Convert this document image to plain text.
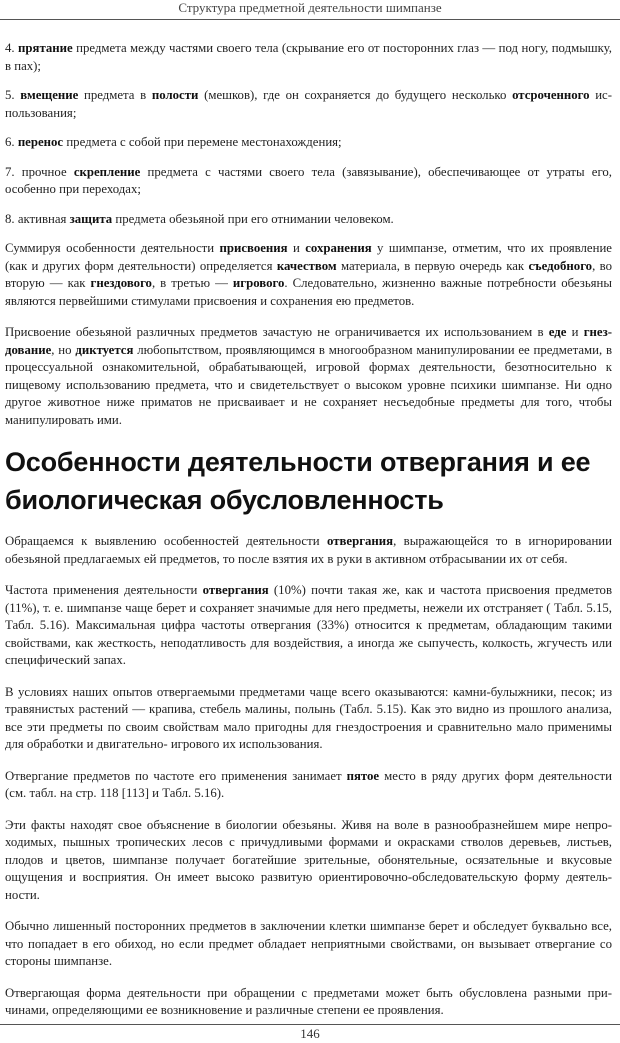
Структура предметной деятельности шимпанзе

4. прятание предмета между частями своего тела (скрывание его от посторонних глаз — под ногу, подмышку, в пах);

5. вмещение предмета в полости (мешков), где он сохраняется до будущего несколько отсроченного использования;

6. перенос предмета с собой при перемене местонахождения;

7. прочное скрепление предмета с частями своего тела (завязывание), обеспечивающее от утраты его, особенно при переходах;

8. активная защита предмета обезьяной при его отнимании человеком.

Суммируя особенности деятельности присвоения и сохранения у шимпанзе, отметим, что их проявление (как и других форм деятельности) определяется качеством материала, в первую очередь как съедобного, во вторую — как гнездового, в третью — игрового. Следовательно, жизненно важные потребности обезьяны являются первейшими стимулами присвоения и сохранения ею предметов.

Присвоение обезьяной различных предметов зачастую не ограничивается их использованием в еде и гнездование, но диктуется любопытством, проявляющимся в многообразном манипулировании ее предметами, в процессуальной ознакомительной, обрабатывающей, игровой формах деятельности, безотносительно к пищевому использованию предмета, что и свидетельствует о высоком уровне психики шимпанзе. Ни одно другое животное ниже приматов не присваивает и не сохраняет несъедобные предметы для того, чтобы манипулировать ими.

Особенности деятельности отвергания и ее биологическая обусловленность

Обращаемся к выявлению особенностей деятельности отвергания, выражающейся то в игнорировании обезьяной предлагаемых ей предметов, то после взятия их в руки в активном отбрасывании их от себя.

Частота применения деятельности отвергания (10%) почти такая же, как и частота присвоения предметов (11%), т. е. шимпанзе чаще берет и сохраняет значимые для него предметы, нежели их отстраняет ( Табл. 5.15, Табл. 5.16). Максимальная цифра частоты отвергания (33%) относится к предметам, обладающим такими свойствами, как жесткость, неподатливость для воздействия, а иногда же сыпучесть, колкость, жгучесть или специфический запах.

В условиях наших опытов отвергаемыми предметами чаще всего оказываются: камни-булыжники, песок; из травянистых растений — крапива, стебель малины, полынь (Табл. 5.15). Как это видно из прошлого анализа, все эти предметы по своим свойствам мало пригодны для гнездостроения и сравнительно мало применимы для обработки и двигательно- игрового их использования.

Отвергание предметов по частоте его применения занимает пятое место в ряду других форм деятельности (см. табл. на стр. 118 [113] и Табл. 5.16).

Эти факты находят свое объяснение в биологии обезьяны. Живя на воле в разнообразнейшем мире непроходимых, пышных тропических лесов с причудливыми формами и окрасками стволов деревьев, листьев, плодов и цветов, шимпанзе получает богатейшие зрительные, обонятельные, осязательные и вкусовые ощущения и восприятия. Он имеет высоко развитую ориентировочно-обследовательскую форму деятельности.

Обычно лишенный посторонних предметов в заключении клетки шимпанзе берет и обследует буквально все, что попадает в его обиход, но если предмет обладает неприятными свойствами, он вызывает отвергание со стороны шимпанзе.

Отвергающая форма деятельности при обращении с предметами может быть обусловлена разными причинами, определяющими ее возникновение и различные степени ее проявления.

146
